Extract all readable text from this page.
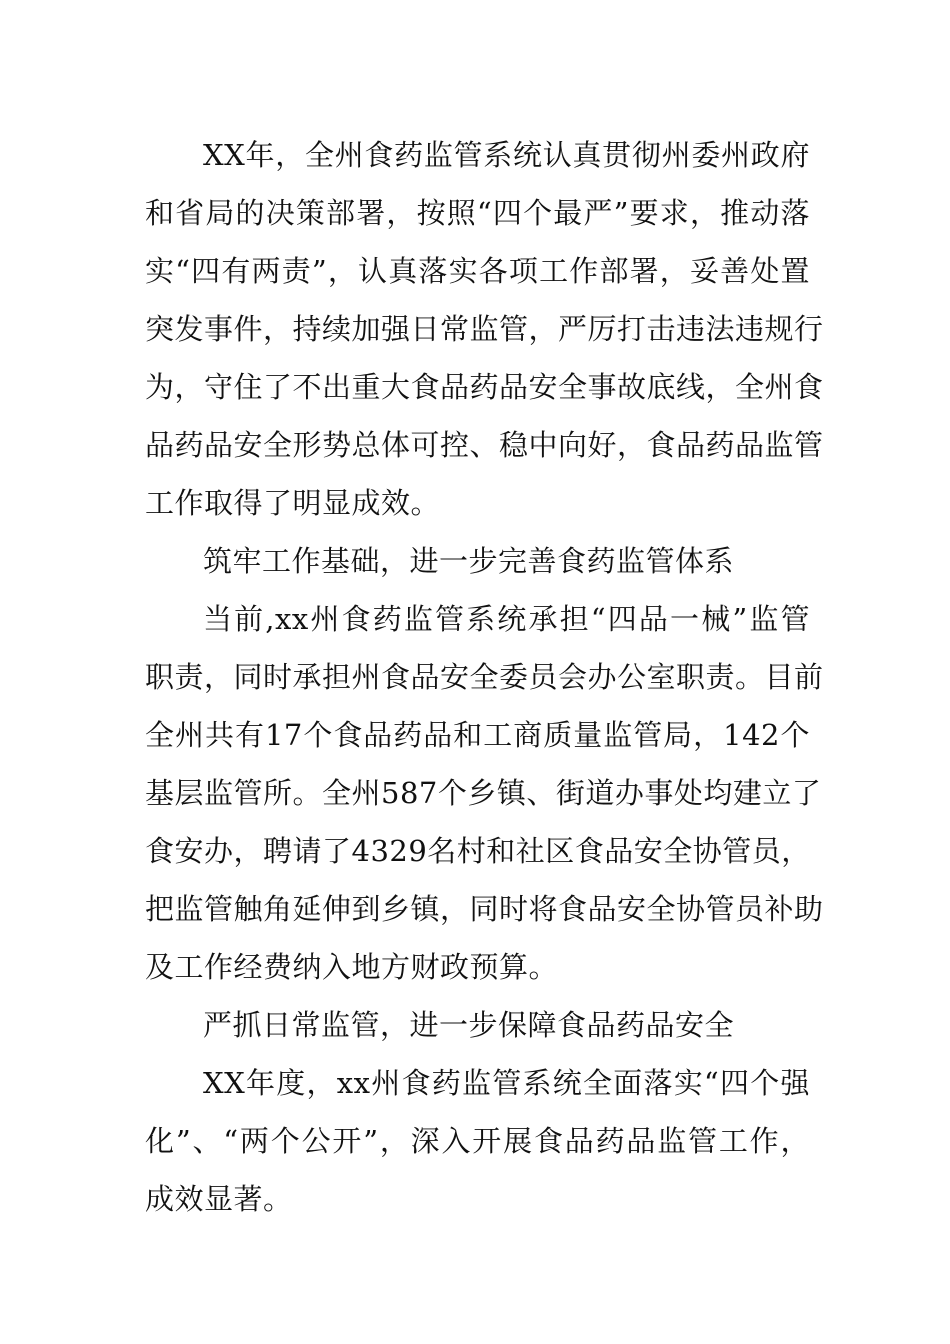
XX年，全州食药监管系统认真贯彻州委州政府
和省局的决策部署，按照“四个最严”要求，推动落
实“四有两责”，认真落实各项工作部署，妥善处置
突发事件，持续加强日常监管，严厉打击违法违规行
为，守住了不出重大食品药品安全事故底线，全州食
品药品安全形势总体可控、稳中向好，食品药品监管
工作取得了明显成效。
筑牢工作基础，进一步完善食药监管体系
当前,xx州食药监管系统承担“四品一械”监管
职责，同时承担州食品安全委员会办公室职责。目前
全州共有17个食品药品和工商质量监管局，142个
基层监管所。全州587个乡镇、街道办事处均建立了
食安办，聘请了4329名村和社区食品安全协管员，
把监管触角延伸到乡镇，同时将食品安全协管员补助
及工作经费纳入地方财政预算。
严抓日常监管，进一步保障食品药品安全
XX年度，xx州食药监管系统全面落实“四个强
化”、“两个公开”，深入开展食品药品监管工作，
成效显著。
